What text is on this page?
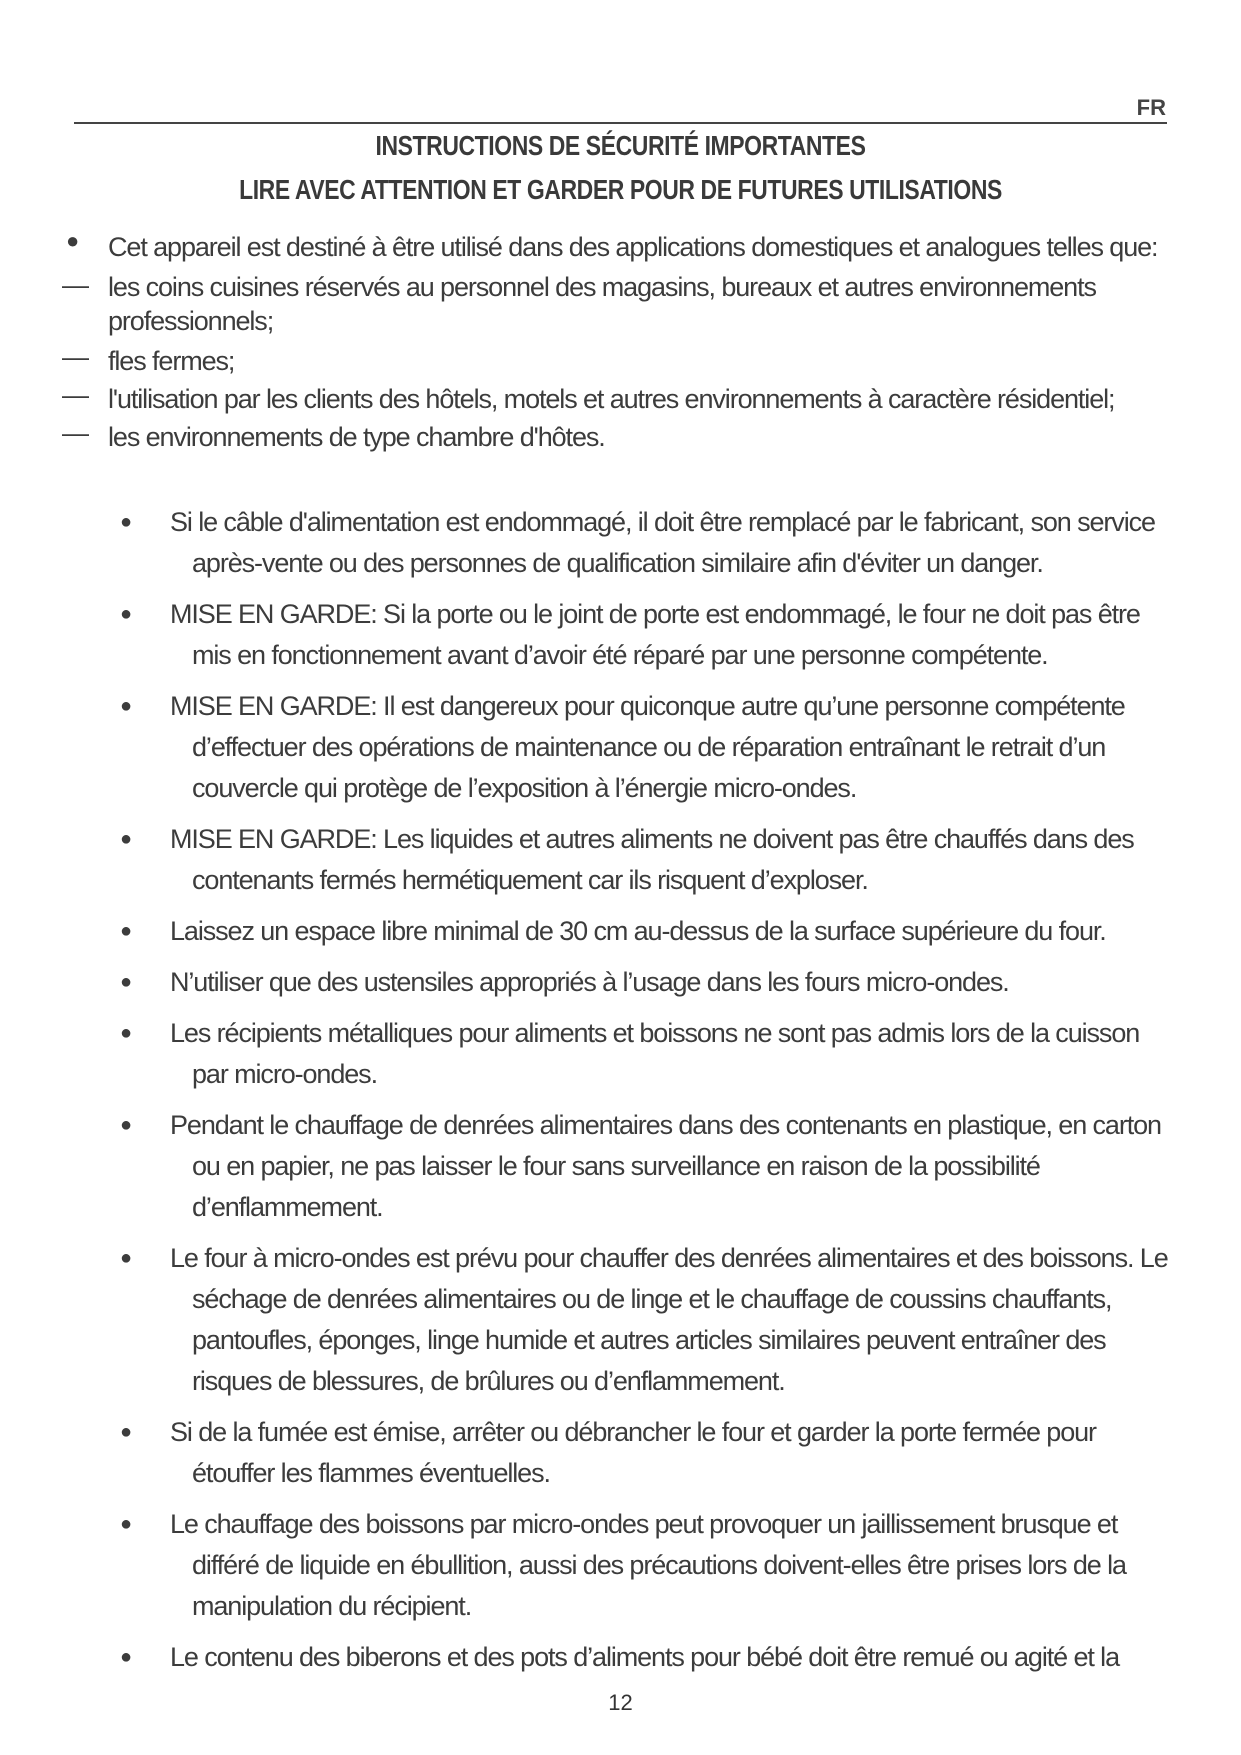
FR
INSTRUCTIONS DE SÉCURITÉ IMPORTANTES
LIRE AVEC ATTENTION ET GARDER POUR DE FUTURES UTILISATIONS
●	Cet appareil est destiné à être utilisé dans des applications domestiques et analogues telles que:
— les coins cuisines réservés au personnel des magasins, bureaux et autres environnements professionnels;
— fles fermes;
— l'utilisation par les clients des hôtels, motels et autres environnements à caractère résidentiel;
— les environnements de type chambre d'hôtes.
● Si le câble d'alimentation est endommagé, il doit être remplacé par le fabricant, son service après-vente ou des personnes de qualification similaire afin d'éviter un danger.
● MISE EN GARDE: Si la porte ou le joint de porte est endommagé, le four ne doit pas être mis en fonctionnement avant d’avoir été réparé par une personne compétente.
● MISE EN GARDE: Il est dangereux pour quiconque autre qu’une personne compétente d’effectuer des opérations de maintenance ou de réparation entraînant le retrait d’un couvercle qui protège de l’exposition à l’énergie micro-ondes.
● MISE EN GARDE: Les liquides et autres aliments ne doivent pas être chauffés dans des contenants fermés hermétiquement car ils risquent d’exploser.
● Laissez un espace libre minimal de 30 cm au-dessus de la surface supérieure du four.
● N’utiliser que des ustensiles appropriés à l’usage dans les fours micro-ondes.
● Les récipients métalliques pour aliments et boissons ne sont pas admis lors de la cuisson par micro-ondes.
● Pendant le chauffage de denrées alimentaires dans des contenants en plastique, en carton ou en papier, ne pas laisser le four sans surveillance en raison de la possibilité d’enflammement.
● Le four à micro-ondes est prévu pour chauffer des denrées alimentaires et des boissons. Le séchage de denrées alimentaires ou de linge et le chauffage de coussins chauffants, pantoufles, éponges, linge humide et autres articles similaires peuvent entraîner des risques de blessures, de brûlures ou d’enflammement.
● Si de la fumée est émise, arrêter ou débrancher le four et garder la porte fermée pour étouffer les flammes éventuelles.
● Le chauffage des boissons par micro-ondes peut provoquer un jaillissement brusque et différé de liquide en ébullition, aussi des précautions doivent-elles être prises lors de la manipulation du récipient.
● Le contenu des biberons et des pots d’aliments pour bébé doit être remué ou agité et la
12
